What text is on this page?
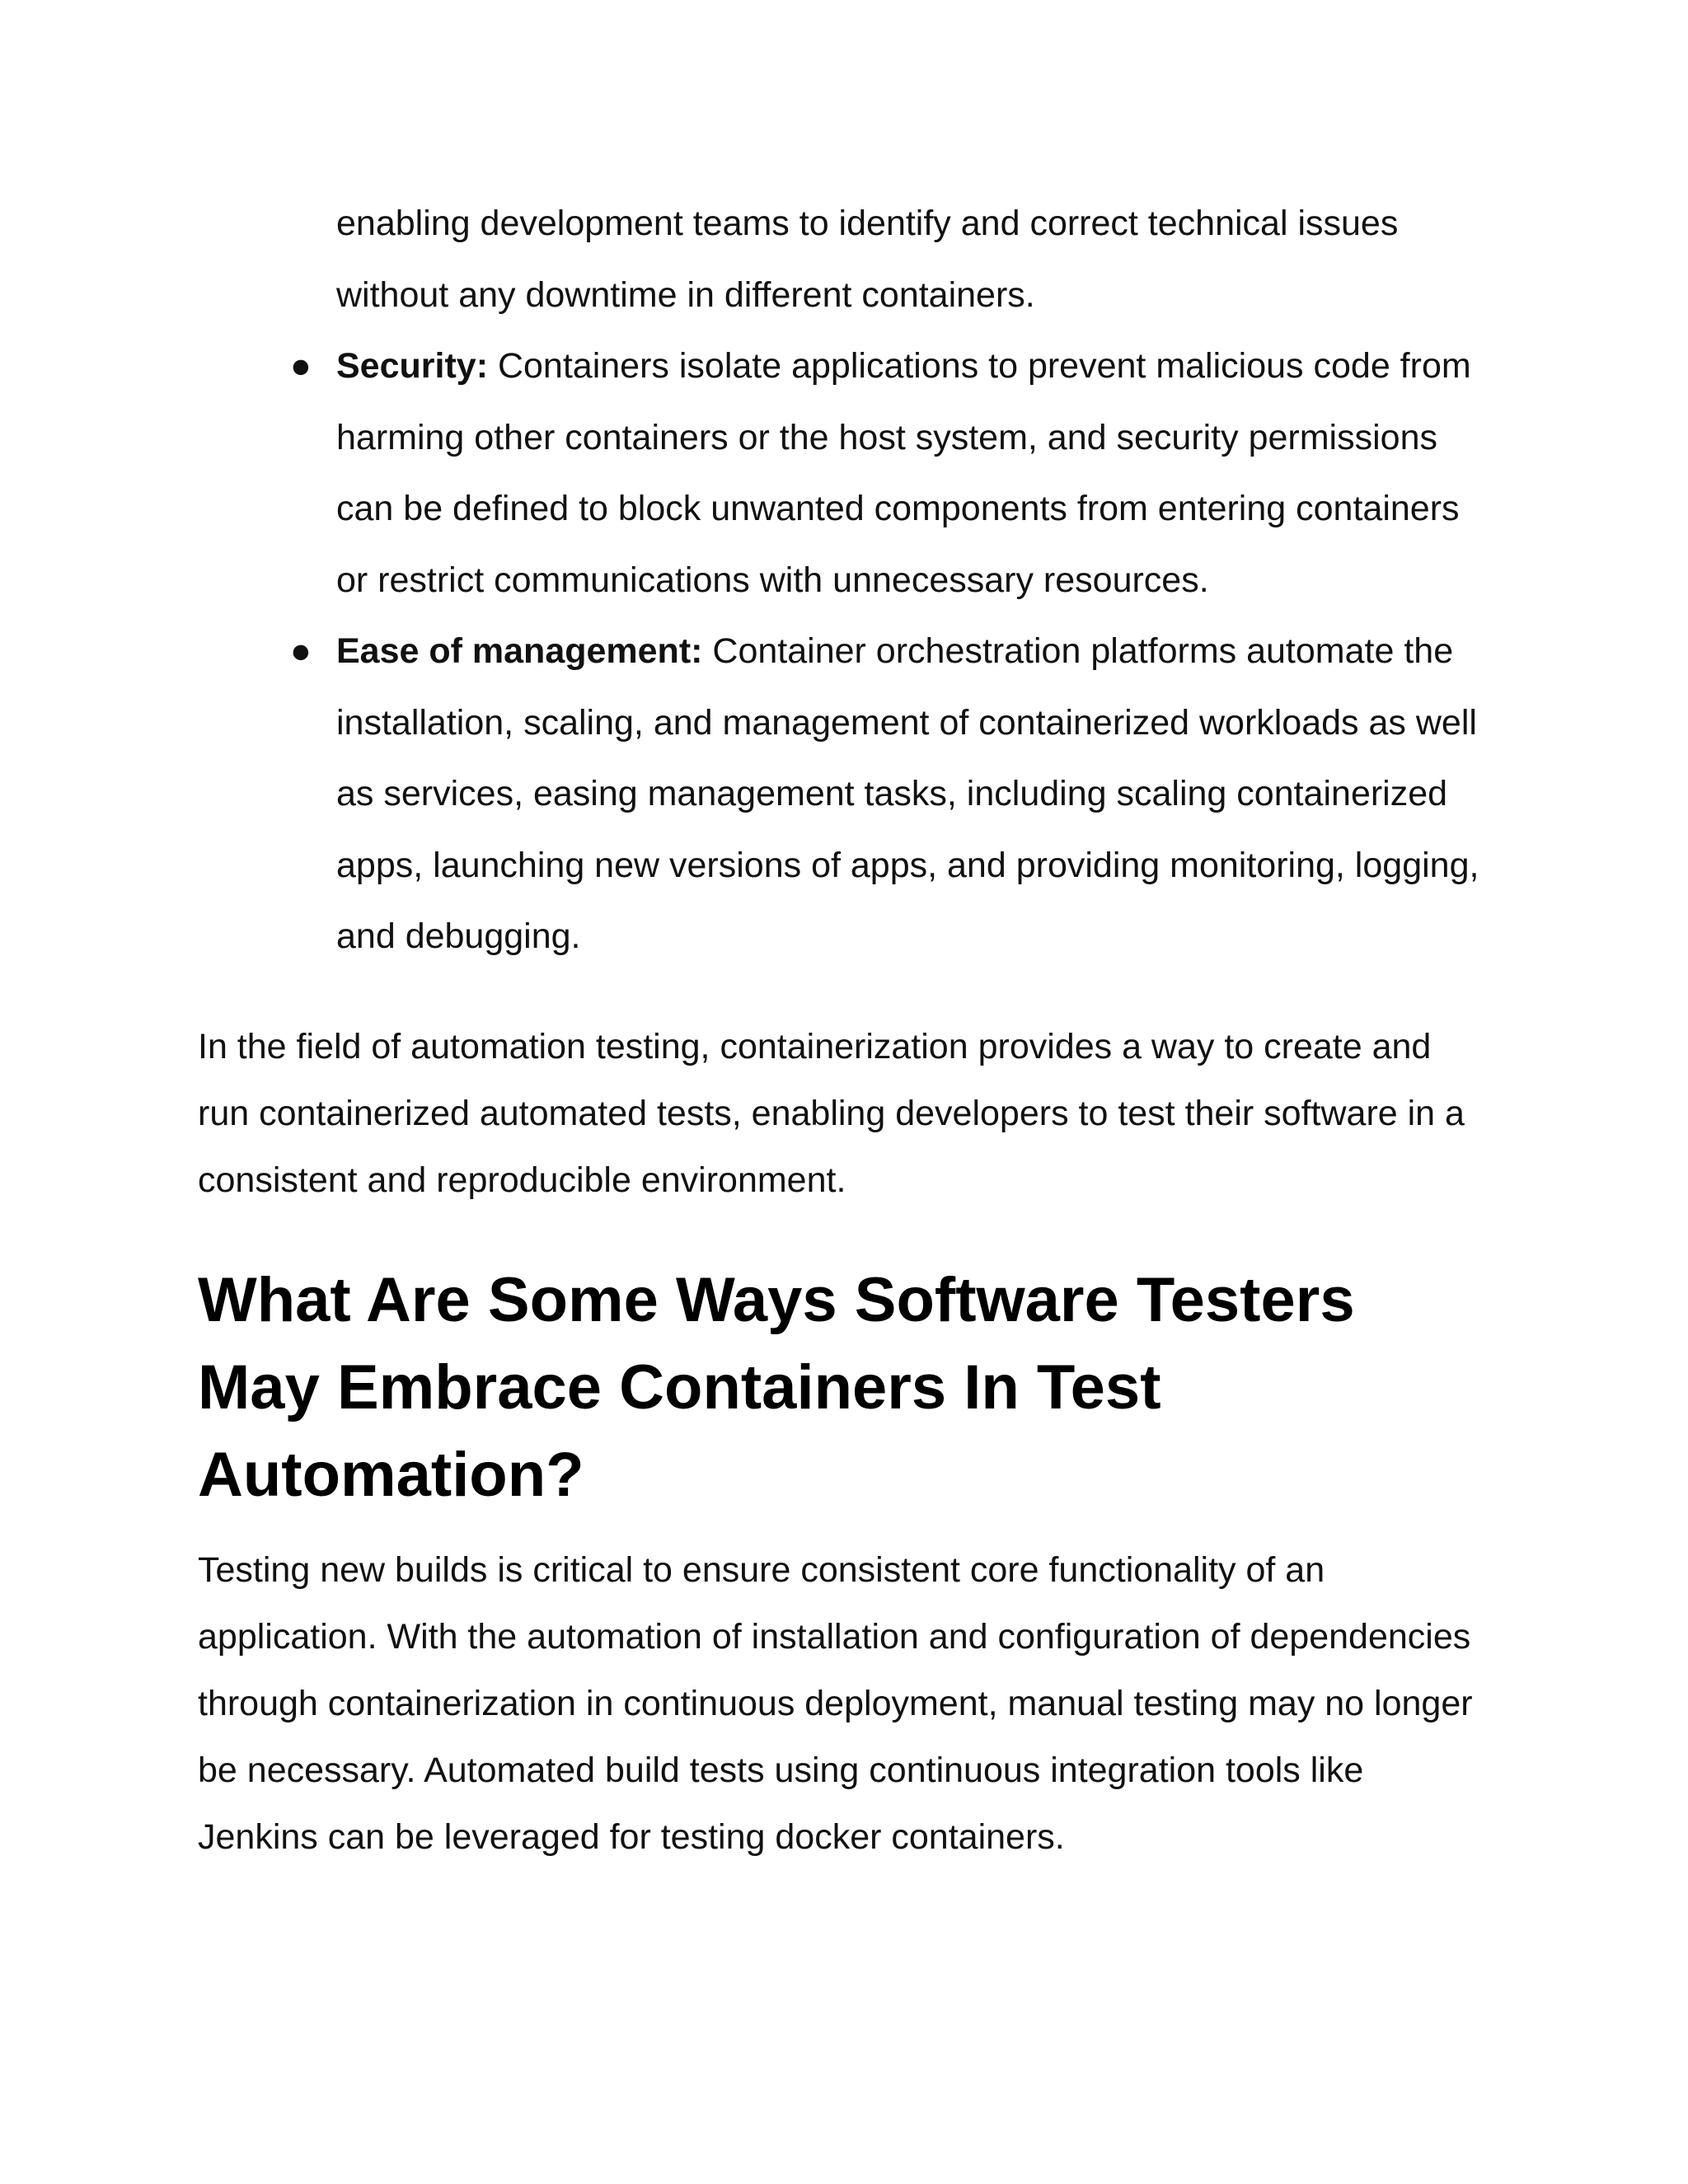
enabling development teams to identify and correct technical issues without any downtime in different containers.
● Security: Containers isolate applications to prevent malicious code from harming other containers or the host system, and security permissions can be defined to block unwanted components from entering containers or restrict communications with unnecessary resources.
● Ease of management: Container orchestration platforms automate the installation, scaling, and management of containerized workloads as well as services, easing management tasks, including scaling containerized apps, launching new versions of apps, and providing monitoring, logging, and debugging.

In the field of automation testing, containerization provides a way to create and run containerized automated tests, enabling developers to test their software in a consistent and reproducible environment.

What Are Some Ways Software Testers May Embrace Containers In Test Automation?

Testing new builds is critical to ensure consistent core functionality of an application. With the automation of installation and configuration of dependencies through containerization in continuous deployment, manual testing may no longer be necessary. Automated build tests using continuous integration tools like Jenkins can be leveraged for testing docker containers.
